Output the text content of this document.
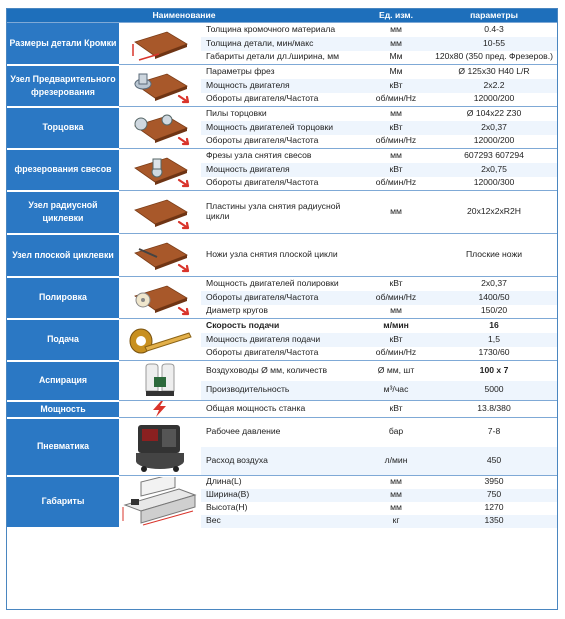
Наименование			Ед. изм.	параметры
Размеры детали Кромки		Толщина кромочного материала	мм	0.4-3
		Толщина детали, мин/макс	мм	10-55
		Габариты детали дл./ширина, мм	Мм	120x80 (350 пред. Фрезеров.)
Узел Предварительного фрезерования		Параметры фрез	Мм	Ø 125x30 H40 L/R
		Мощность двигателя	кВт	2x2.2
		Обороты двигателя/Частота	об/мин/Hz	12000/200
Торцовка		Пилы торцовки	мм	Ø 104x22 Z30
		Мощность двигателей торцовки	кВт	2x0,37
		Обороты двигателя/Частота	об/мин/Hz	12000/200
фрезерования свесов		Фрезы узла снятия свесов	мм	607293 607294
		Мощность двигателя	кВт	2x0,75
		Обороты двигателя/Частота	об/мин/Hz	12000/300
Узел радиусной циклевки		Пластины узла снятия радиусной цикли	мм	20x12x2xR2H
Узел плоской циклевки		Ножи узла снятия плоской цикли		Плоские ножи
Полировка		Мощность двигателей полировки	кВт	2x0,37
		Обороты двигателя/Частота	об/мин/Hz	1400/50
		Диаметр кругов	мм	150/20
Подача		Скорость подачи	м/мин	16
		Мощность двигателя подачи	кВт	1,5
		Обороты двигателя/Частота	об/мин/Hz	1730/60
Аспирация		Воздуховоды Ø мм, количеств	Ø мм, шт	100 x 7
		Производительность	м³/час	5000
Мощность		Общая мощность станка	кВт	13.8/380
Пневматика		Рабочее давление	бар	7-8
		Расход воздуха	л/мин	450
Габариты		Длина(L)	мм	3950
		Ширина(B)	мм	750
		Высота(H)	мм	1270
		Вес	кг	1350
